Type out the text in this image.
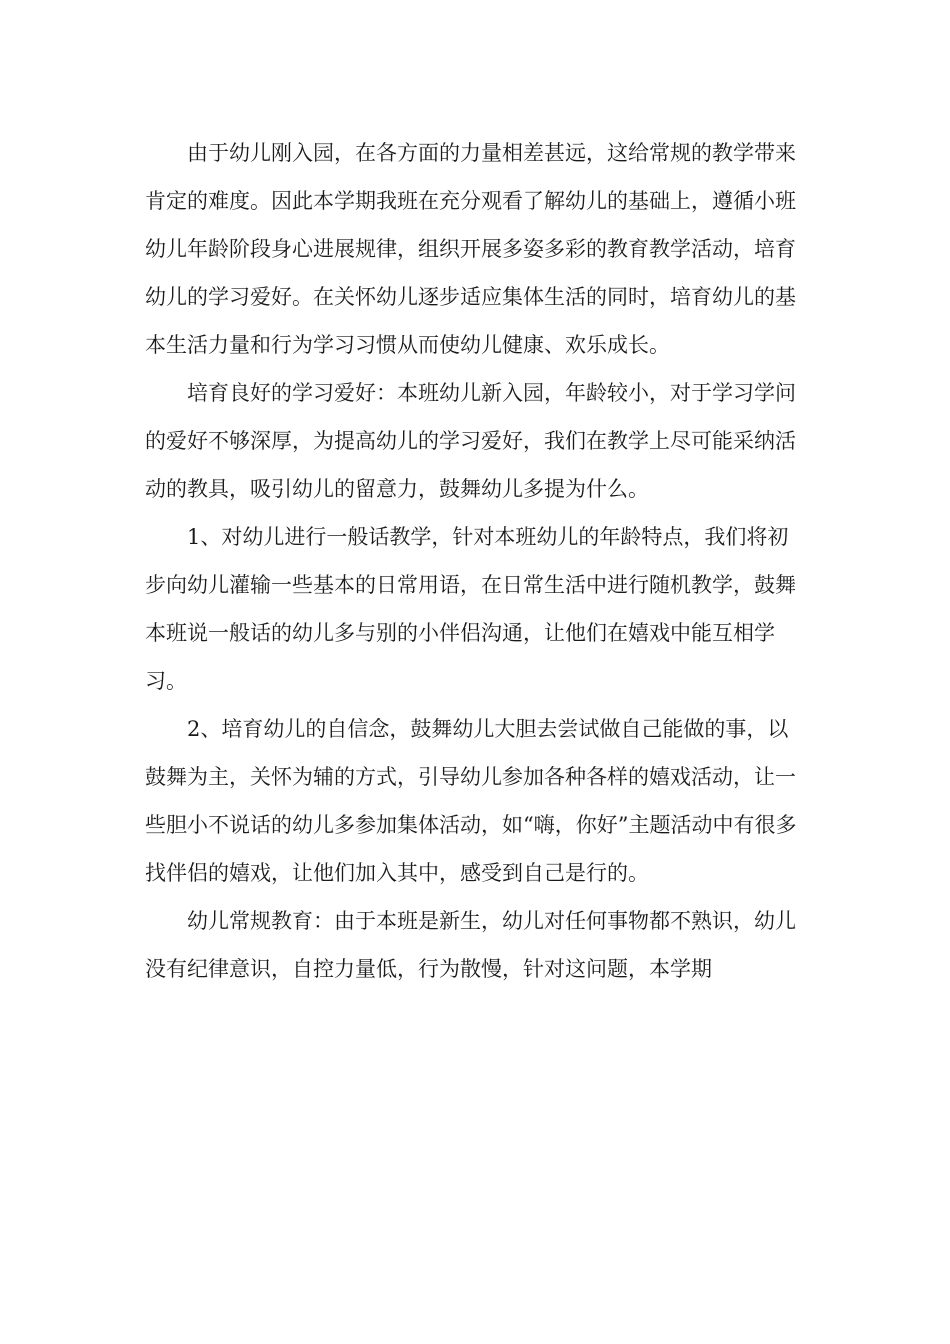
由于幼儿刚入园，在各方面的力量相差甚远，这给常规的教学带来肯定的难度。因此本学期我班在充分观看了解幼儿的基础上，遵循小班幼儿年龄阶段身心进展规律，组织开展多姿多彩的教育教学活动，培育幼儿的学习爱好。在关怀幼儿逐步适应集体生活的同时，培育幼儿的基本生活力量和行为学习习惯从而使幼儿健康、欢乐成长。

培育良好的学习爱好：本班幼儿新入园，年龄较小，对于学习学问的爱好不够深厚，为提高幼儿的学习爱好，我们在教学上尽可能采纳活动的教具，吸引幼儿的留意力，鼓舞幼儿多提为什么。

1、对幼儿进行一般话教学，针对本班幼儿的年龄特点，我们将初步向幼儿灌输一些基本的日常用语，在日常生活中进行随机教学，鼓舞本班说一般话的幼儿多与别的小伴侣沟通，让他们在嬉戏中能互相学习。

2、培育幼儿的自信念，鼓舞幼儿大胆去尝试做自己能做的事，以鼓舞为主，关怀为辅的方式，引导幼儿参加各种各样的嬉戏活动，让一些胆小不说话的幼儿多参加集体活动，如“嗨，你好”主题活动中有很多找伴侣的嬉戏，让他们加入其中，感受到自己是行的。

幼儿常规教育：由于本班是新生，幼儿对任何事物都不熟识，幼儿没有纪律意识，自控力量低，行为散慢，针对这问题，本学期
